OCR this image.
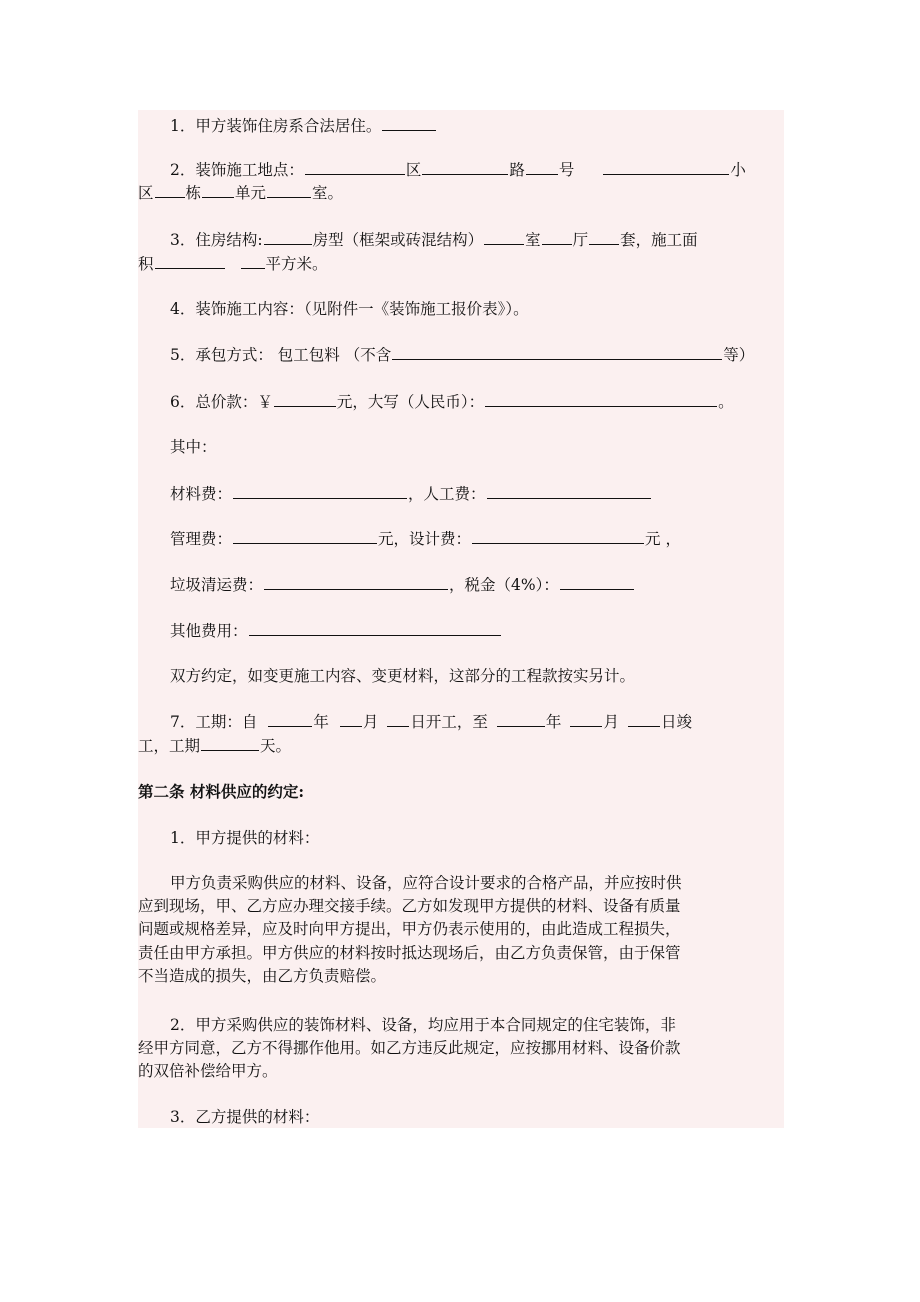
1．甲方装饰住房系合法居住。
2．装饰施工地点：	区	路 号	小
区 栋 单元	室。
3．住房结构:	房型（框架或砖混结构）	室 厅 套，施工面
积	平方米。
4．装饰施工内容：（见附件一《装饰施工报价表》）。
5．承包方式： 包工包料 （不含	等）
6．总价款：￥	元，大写（人民币）：	。
其中：
材料费：	，人工费：
管理费：	元，设计费：	元 ，
垃圾清运费：	，税金（4%）：
其他费用：
双方约定，如变更施工内容、变更材料，这部分的工程款按实另计。
7．工期：自	年 月 日开工，至	年	月	日竣
工，工期	天。
第二条 材料供应的约定:
1．甲方提供的材料：
甲方负责采购供应的材料、设备，应符合设计要求的合格产品，并应按时供
应到现场，甲、乙方应办理交接手续。乙方如发现甲方提供的材料、设备有质量
问题或规格差异，应及时向甲方提出，甲方仍表示使用的，由此造成工程损失，
责任由甲方承担。甲方供应的材料按时抵达现场后，由乙方负责保管，由于保管
不当造成的损失，由乙方负责赔偿。
2．甲方采购供应的装饰材料、设备，均应用于本合同规定的住宅装饰，非
经甲方同意，乙方不得挪作他用。如乙方违反此规定，应按挪用材料、设备价款
的双倍补偿给甲方。
3．乙方提供的材料：
